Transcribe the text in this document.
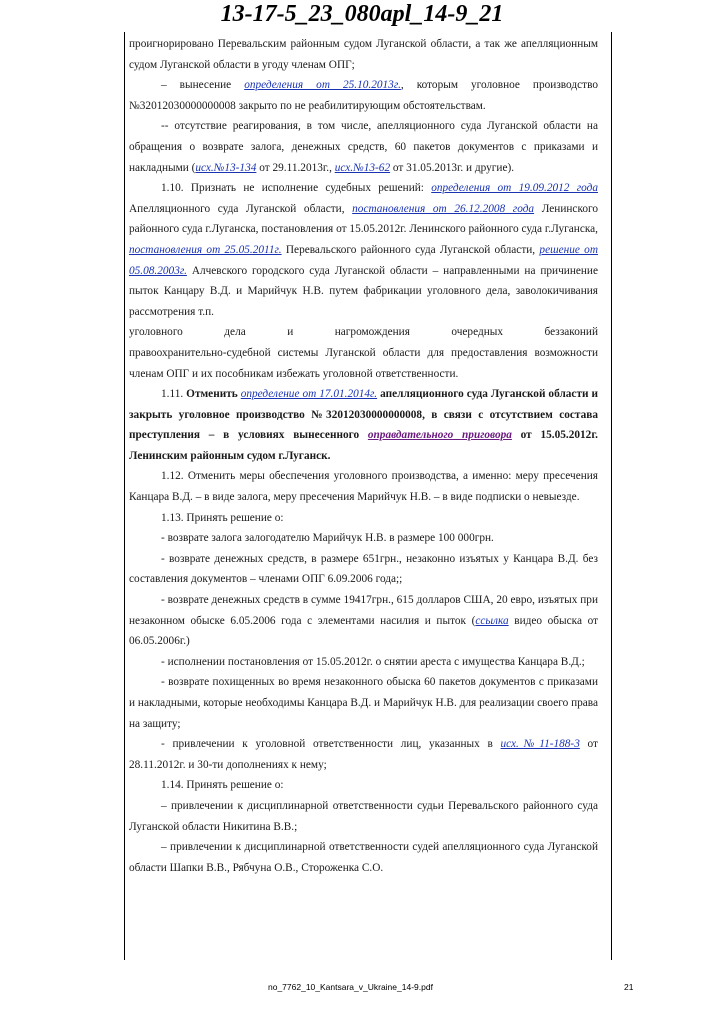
13-17-5_23_080apl_14-9_21

проигнорировано Перевальским районным судом Луганской области, а так же апелляционным судом Луганской области в угоду членам ОПГ;

– вынесение определения от 25.10.2013г., которым уголовное производство №32012030000000008 закрыто по не реабилитирующим обстоятельствам.

-- отсутствие реагирования, в том числе, апелляционного суда Луганской области на обращения о возврате залога, денежных средств, 60 пакетов документов с приказами и накладными (исх.№13-134 от 29.11.2013г., исх.№13-62 от 31.05.2013г. и другие).

1.10. Признать не исполнение судебных решений: определения от 19.09.2012 года Апелляционного суда Луганской области, постановления от 26.12.2008 года Ленинского районного суда г.Луганска, постановления от 15.05.2012г. Ленинского районного суда г.Луганска, постановления от 25.05.2011г. Перевальского районного суда Луганской области, решение от 05.08.2003г. Алчевского городского суда Луганской области – направленными на причинение пыток Канцару В.Д. и Марийчук Н.В. путем фабрикации уголовного дела, заволокичивания рассмотрения т.п.

уголовного дела и нагромождения очередных беззаконий

правоохранительно-судебной системы Луганской области для предоставления возможности членам ОПГ и их пособникам избежать уголовной ответственности.

1.11. Отменить определение от 17.01.2014г. апелляционного суда Луганской области и закрыть уголовное производство №32012030000000008, в связи с отсутствием состава преступления – в условиях вынесенного оправдательного приговора от 15.05.2012г. Ленинским районным судом г.Луганск.

1.12. Отменить меры обеспечения уголовного производства, а именно: меру пресечения Канцара В.Д. – в виде залога, меру пресечения Марийчук Н.В. – в виде подписки о невыезде.

1.13. Принять решение о:

- возврате залога залогодателю Марийчук Н.В. в размере 100 000грн.

- возврате денежных средств, в размере 651грн., незаконно изъятых у Канцара В.Д. без составления документов – членами ОПГ 6.09.2006 года;;

- возврате денежных средств в сумме 19417грн., 615 долларов США, 20 евро, изъятых при незаконном обыске 6.05.2006 года с элементами насилия и пыток (ссылка видео обыска от 06.05.2006г.)

- исполнении постановления от 15.05.2012г. о снятии ареста с имущества Канцара В.Д.;

- возврате похищенных во время незаконного обыска 60 пакетов документов с приказами и накладными, которые необходимы Канцара В.Д. и Марийчук Н.В. для реализации своего права на защиту;

- привлечении к уголовной ответственности лиц, указанных в исх.№11-188-3 от 28.11.2012г. и 30-ти дополнениях к нему;

1.14. Принять решение о:

– привлечении к дисциплинарной ответственности судьи Перевальского районного суда Луганской области Никитина В.В.;

– привлечении к дисциплинарной ответственности судей апелляционного суда Луганской области Шапки В.В., Рябчуна О.В., Стороженка С.О.

no_7762_10_Kantsara_v_Ukraine_14-9.pdf	21
